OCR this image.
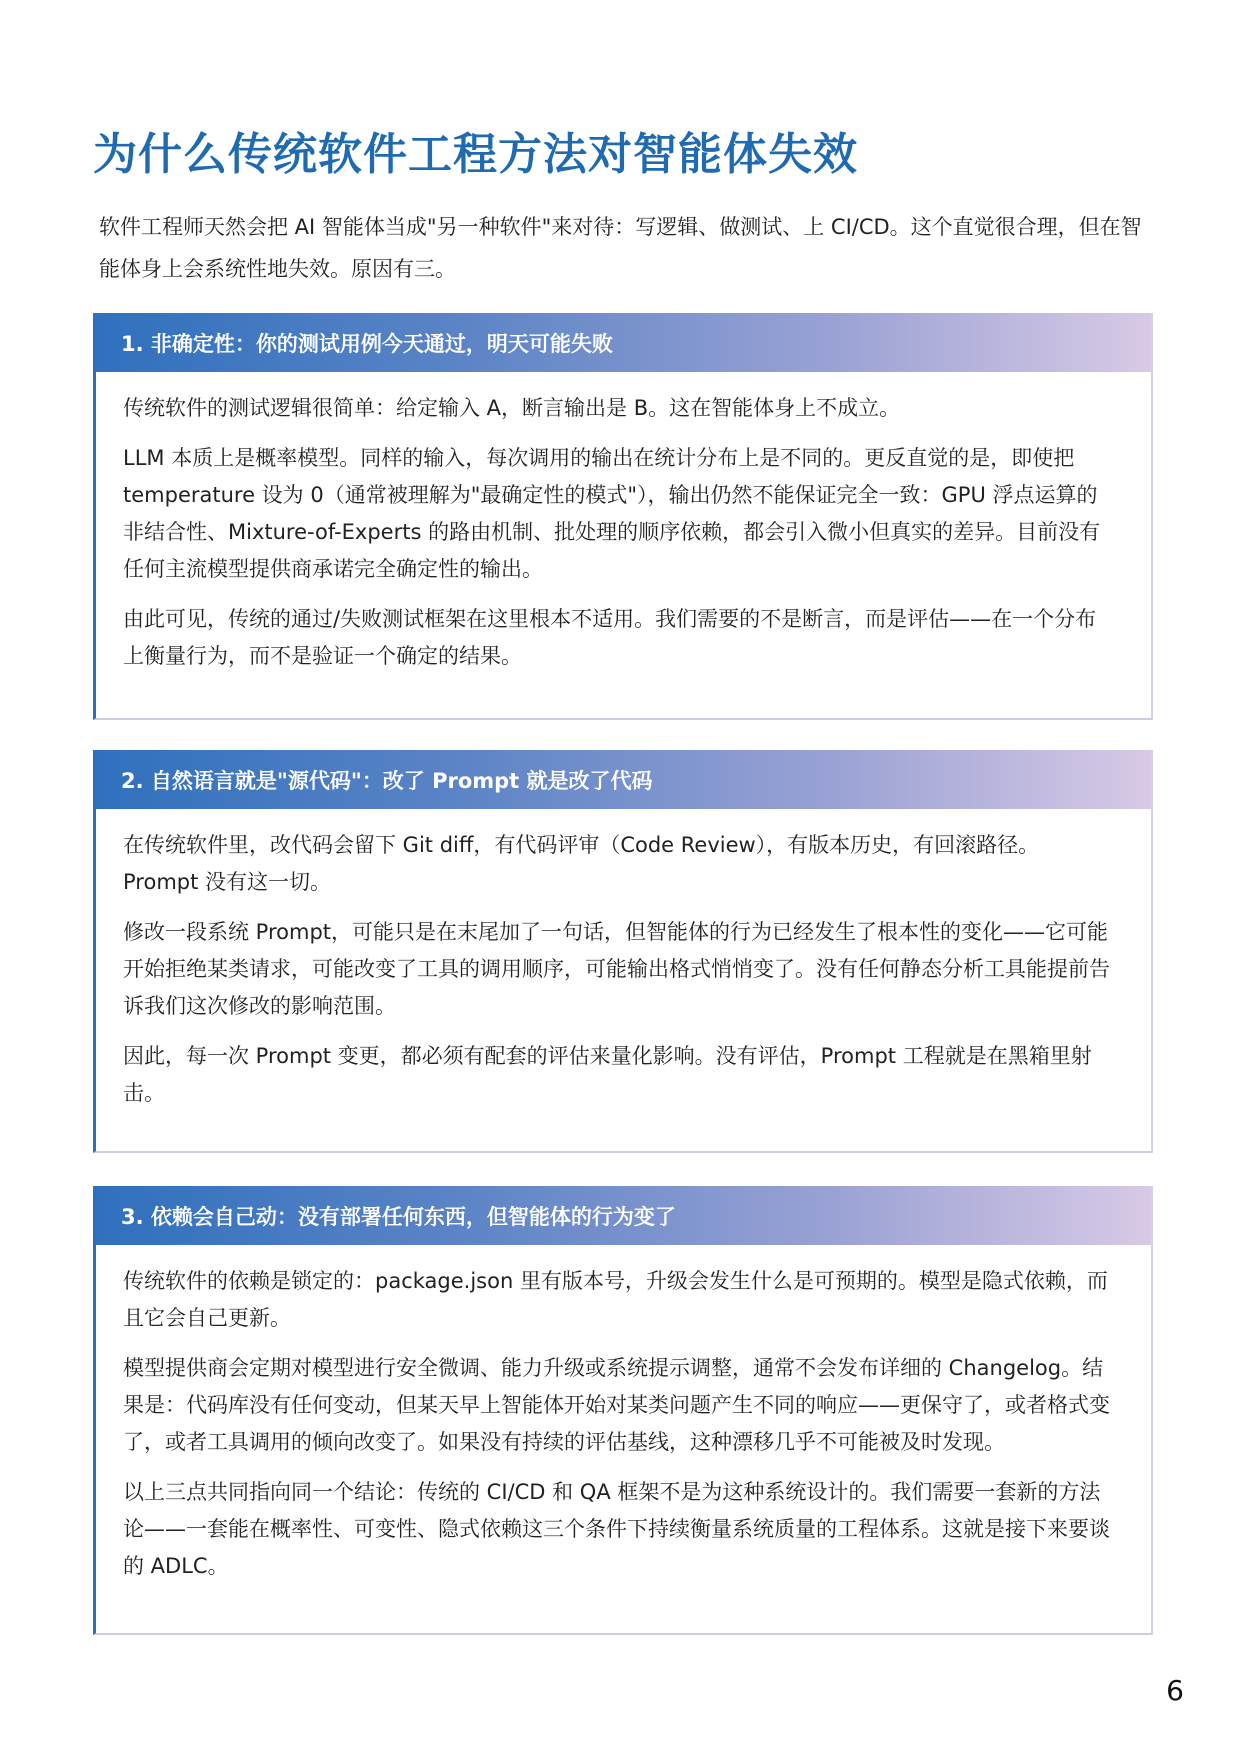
为什么传统软件工程方法对智能体失效

软件工程师天然会把 AI 智能体当成"另一种软件"来对待：写逻辑、做测试、上 CI/CD。这个直觉很合理，但在智能体身上会系统性地失效。原因有三。

1. 非确定性：你的测试用例今天通过，明天可能失败

传统软件的测试逻辑很简单：给定输入 A，断言输出是 B。这在智能体身上不成立。

LLM 本质上是概率模型。同样的输入，每次调用的输出在统计分布上是不同的。更反直觉的是，即使把 temperature 设为 0（通常被理解为"最确定性的模式"），输出仍然不能保证完全一致：GPU 浮点运算的非结合性、Mixture-of-Experts 的路由机制、批处理的顺序依赖，都会引入微小但真实的差异。目前没有任何主流模型提供商承诺完全确定性的输出。

由此可见，传统的通过/失败测试框架在这里根本不适用。我们需要的不是断言，而是评估——在一个分布上衡量行为，而不是验证一个确定的结果。

2. 自然语言就是"源代码"：改了 Prompt 就是改了代码

在传统软件里，改代码会留下 Git diff，有代码评审（Code Review），有版本历史，有回滚路径。Prompt 没有这一切。

修改一段系统 Prompt，可能只是在末尾加了一句话，但智能体的行为已经发生了根本性的变化——它可能开始拒绝某类请求，可能改变了工具的调用顺序，可能输出格式悄悄变了。没有任何静态分析工具能提前告诉我们这次修改的影响范围。

因此，每一次 Prompt 变更，都必须有配套的评估来量化影响。没有评估，Prompt 工程就是在黑箱里射击。

3. 依赖会自己动：没有部署任何东西，但智能体的行为变了

传统软件的依赖是锁定的：package.json 里有版本号，升级会发生什么是可预期的。模型是隐式依赖，而且它会自己更新。

模型提供商会定期对模型进行安全微调、能力升级或系统提示调整，通常不会发布详细的 Changelog。结果是：代码库没有任何变动，但某天早上智能体开始对某类问题产生不同的响应——更保守了，或者格式变了，或者工具调用的倾向改变了。如果没有持续的评估基线，这种漂移几乎不可能被及时发现。

以上三点共同指向同一个结论：传统的 CI/CD 和 QA 框架不是为这种系统设计的。我们需要一套新的方法论——一套能在概率性、可变性、隐式依赖这三个条件下持续衡量系统质量的工程体系。这就是接下来要谈的 ADLC。

6
